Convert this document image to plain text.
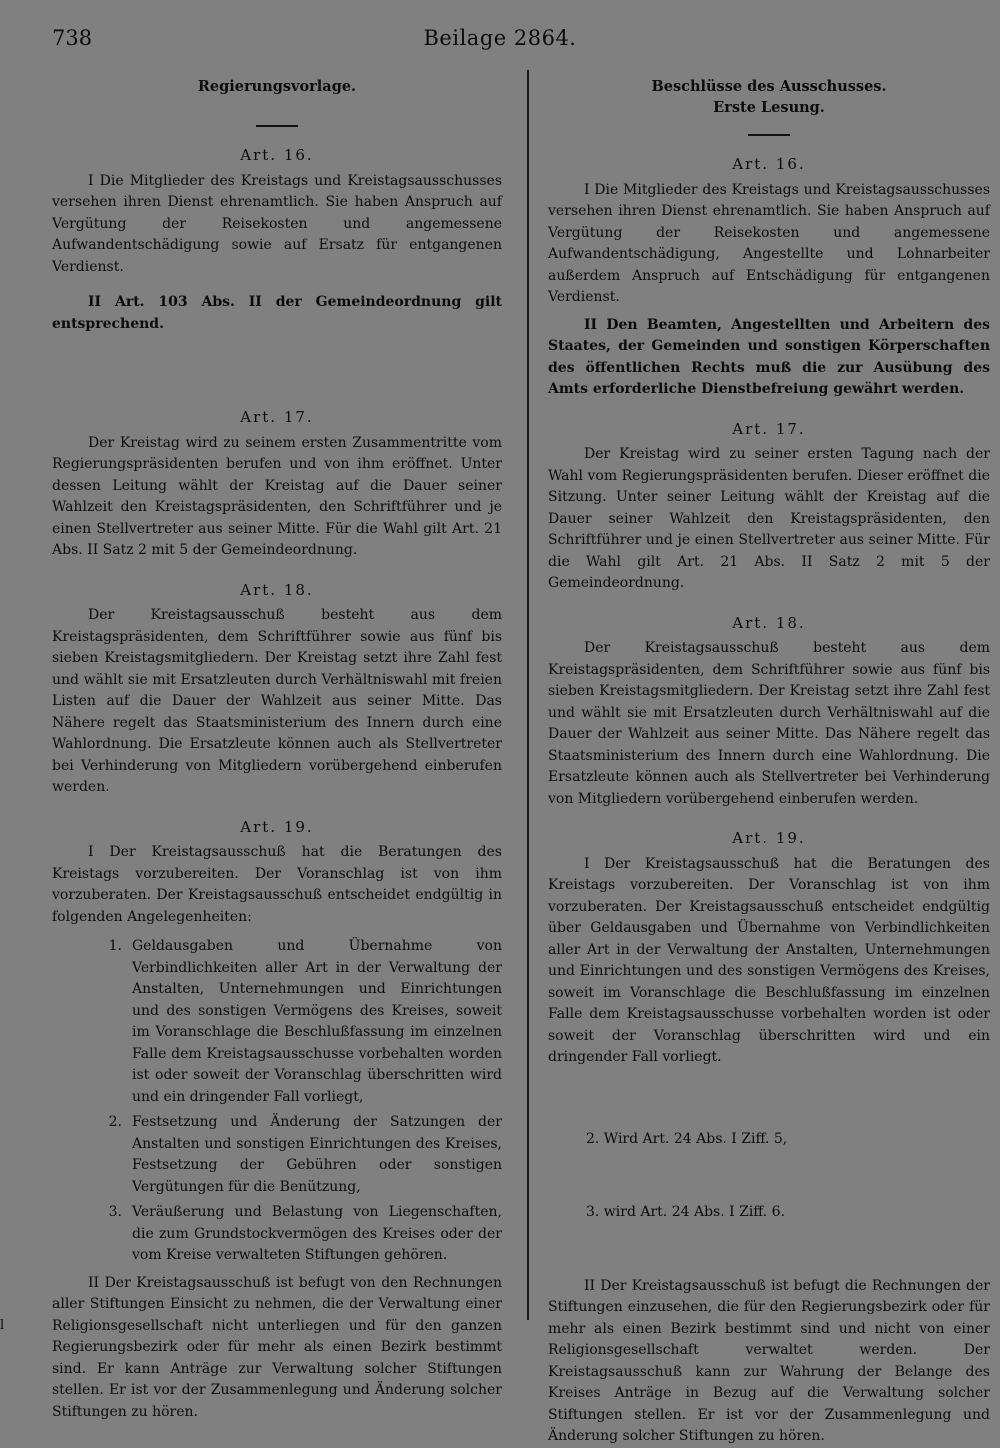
738	Beilage 2864.
Regierungsvorlage.
Art. 16.

I Die Mitglieder des Kreistags und Kreistagsausschusses versehen ihren Dienst ehrenamtlich. Sie haben Anspruch auf Vergütung der Reisekosten und angemessene Aufwandentschädigung sowie auf Ersatz für entgangenen Verdienst.

II Art. 103 Abs. II der Gemeindeordnung gilt entsprechend.

Art. 17.

Der Kreistag wird zu seinem ersten Zusammentritte vom Regierungspräsidenten berufen und von ihm eröffnet. Unter dessen Leitung wählt der Kreistag auf die Dauer seiner Wahlzeit den Kreistagspräsidenten, den Schriftführer und je einen Stellvertreter aus seiner Mitte. Für die Wahl gilt Art. 21 Abs. II Satz 2 mit 5 der Gemeindeordnung.

Art. 18.

Der Kreistagsausschuß besteht aus dem Kreistagspräsidenten, dem Schriftführer sowie aus fünf bis sieben Kreistagsmitgliedern. Der Kreistag setzt ihre Zahl fest und wählt sie mit Ersatzleuten durch Verhältniswahl mit freien Listen auf die Dauer der Wahlzeit aus seiner Mitte. Das Nähere regelt das Staatsministerium des Innern durch eine Wahlordnung. Die Ersatzleute können auch als Stellvertreter bei Verhinderung von Mitgliedern vorübergehend einberufen werden.

Art. 19.

I Der Kreistagsausschuß hat die Beratungen des Kreistags vorzubereiten. Der Voranschlag ist von ihm vorzuberaten. Der Kreistagsausschuß entscheidet endgültig in folgenden Angelegenheiten:

1. Geldausgaben und Übernahme von Verbindlichkeiten aller Art in der Verwaltung der Anstalten, Unternehmungen und Einrichtungen und des sonstigen Vermögens des Kreises, soweit im Voranschlage die Beschlußfassung im einzelnen Falle dem Kreistagsausschusse vorbehalten worden ist oder soweit der Voranschlag überschritten wird und ein dringender Fall vorliegt,
2. Festsetzung und Änderung der Satzungen der Anstalten und sonstigen Einrichtungen des Kreises, Festsetzung der Gebühren oder sonstigen Vergütungen für die Benützung,
3. Veräußerung und Belastung von Liegenschaften, die zum Grundstockvermögen des Kreises oder der vom Kreise verwalteten Stiftungen gehören.

II Der Kreistagsausschuß ist befugt von den Rechnungen aller Stiftungen Einsicht zu nehmen, die der Verwaltung einer Religionsgesellschaft nicht unterliegen und für den ganzen Regierungsbezirk oder für mehr als einen Bezirk bestimmt sind. Er kann Anträge zur Verwaltung solcher Stiftungen stellen. Er ist vor der Zusammenlegung und Änderung solcher Stiftungen zu hören.

Beschlüsse des Ausschusses.
Erste Lesung.
Art. 16.

I Die Mitglieder des Kreistags und Kreistagsausschusses versehen ihren Dienst ehrenamtlich. Sie haben Anspruch auf Vergütung der Reisekosten und angemessene Aufwandentschädigung, Angestellte und Lohnarbeiter außerdem Anspruch auf Entschädigung für entgangenen Verdienst.

II Den Beamten, Angestellten und Arbeitern des Staates, der Gemeinden und sonstigen Körperschaften des öffentlichen Rechts muß die zur Ausübung des Amts erforderliche Dienstbefreiung gewährt werden.

Art. 17.

Der Kreistag wird zu seiner ersten Tagung nach der Wahl vom Regierungspräsidenten berufen. Dieser eröffnet die Sitzung. Unter seiner Leitung wählt der Kreistag auf die Dauer seiner Wahlzeit den Kreistagspräsidenten, den Schriftführer und je einen Stellvertreter aus seiner Mitte. Für die Wahl gilt Art. 21 Abs. II Satz 2 mit 5 der Gemeindeordnung.

Art. 18.

Der Kreistagsausschuß besteht aus dem Kreistagspräsidenten, dem Schriftführer sowie aus fünf bis sieben Kreistagsmitgliedern. Der Kreistag setzt ihre Zahl fest und wählt sie mit Ersatzleuten durch Verhältniswahl auf die Dauer der Wahlzeit aus seiner Mitte. Das Nähere regelt das Staatsministerium des Innern durch eine Wahlordnung. Die Ersatzleute können auch als Stellvertreter bei Verhinderung von Mitgliedern vorübergehend einberufen werden.

Art. 19.

I Der Kreistagsausschuß hat die Beratungen des Kreistags vorzubereiten. Der Voranschlag ist von ihm vorzuberaten. Der Kreistagsausschuß entscheidet endgültig über Geldausgaben und Übernahme von Verbindlichkeiten aller Art in der Verwaltung der Anstalten, Unternehmungen und Einrichtungen und des sonstigen Vermögens des Kreises, soweit im Voranschlage die Beschlußfassung im einzelnen Falle dem Kreistagsausschusse vorbehalten worden ist oder soweit der Voranschlag überschritten wird und ein dringender Fall vorliegt.

2. Wird Art. 24 Abs. I Ziff. 5,

3. wird Art. 24 Abs. I Ziff. 6.

II Der Kreistagsausschuß ist befugt die Rechnungen der Stiftungen einzusehen, die für den Regierungsbezirk oder für mehr als einen Bezirk bestimmt sind und nicht von einer Religionsgesellschaft verwaltet werden. Der Kreistagsausschuß kann zur Wahrung der Belange des Kreises Anträge in Bezug auf die Verwaltung solcher Stiftungen stellen. Er ist vor der Zusammenlegung und Änderung solcher Stiftungen zu hören.

l
